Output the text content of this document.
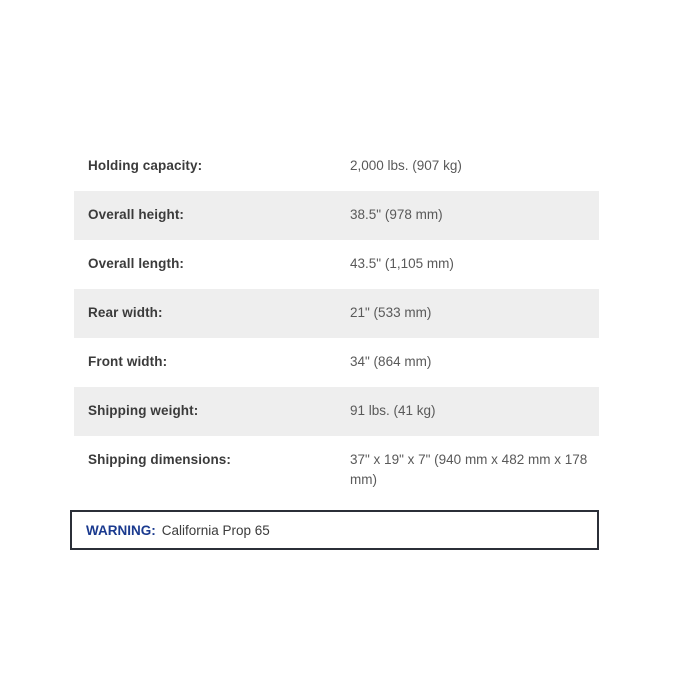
Holding capacity:	2,000 lbs. (907 kg)
Overall height:	38.5" (978 mm)
Overall length:	43.5" (1,105 mm)
Rear width:	21" (533 mm)
Front width:	34" (864 mm)
Shipping weight:	91 lbs. (41 kg)
Shipping dimensions:	37" x 19" x 7" (940 mm x 482 mm x 178 mm)
WARNING: California Prop 65
